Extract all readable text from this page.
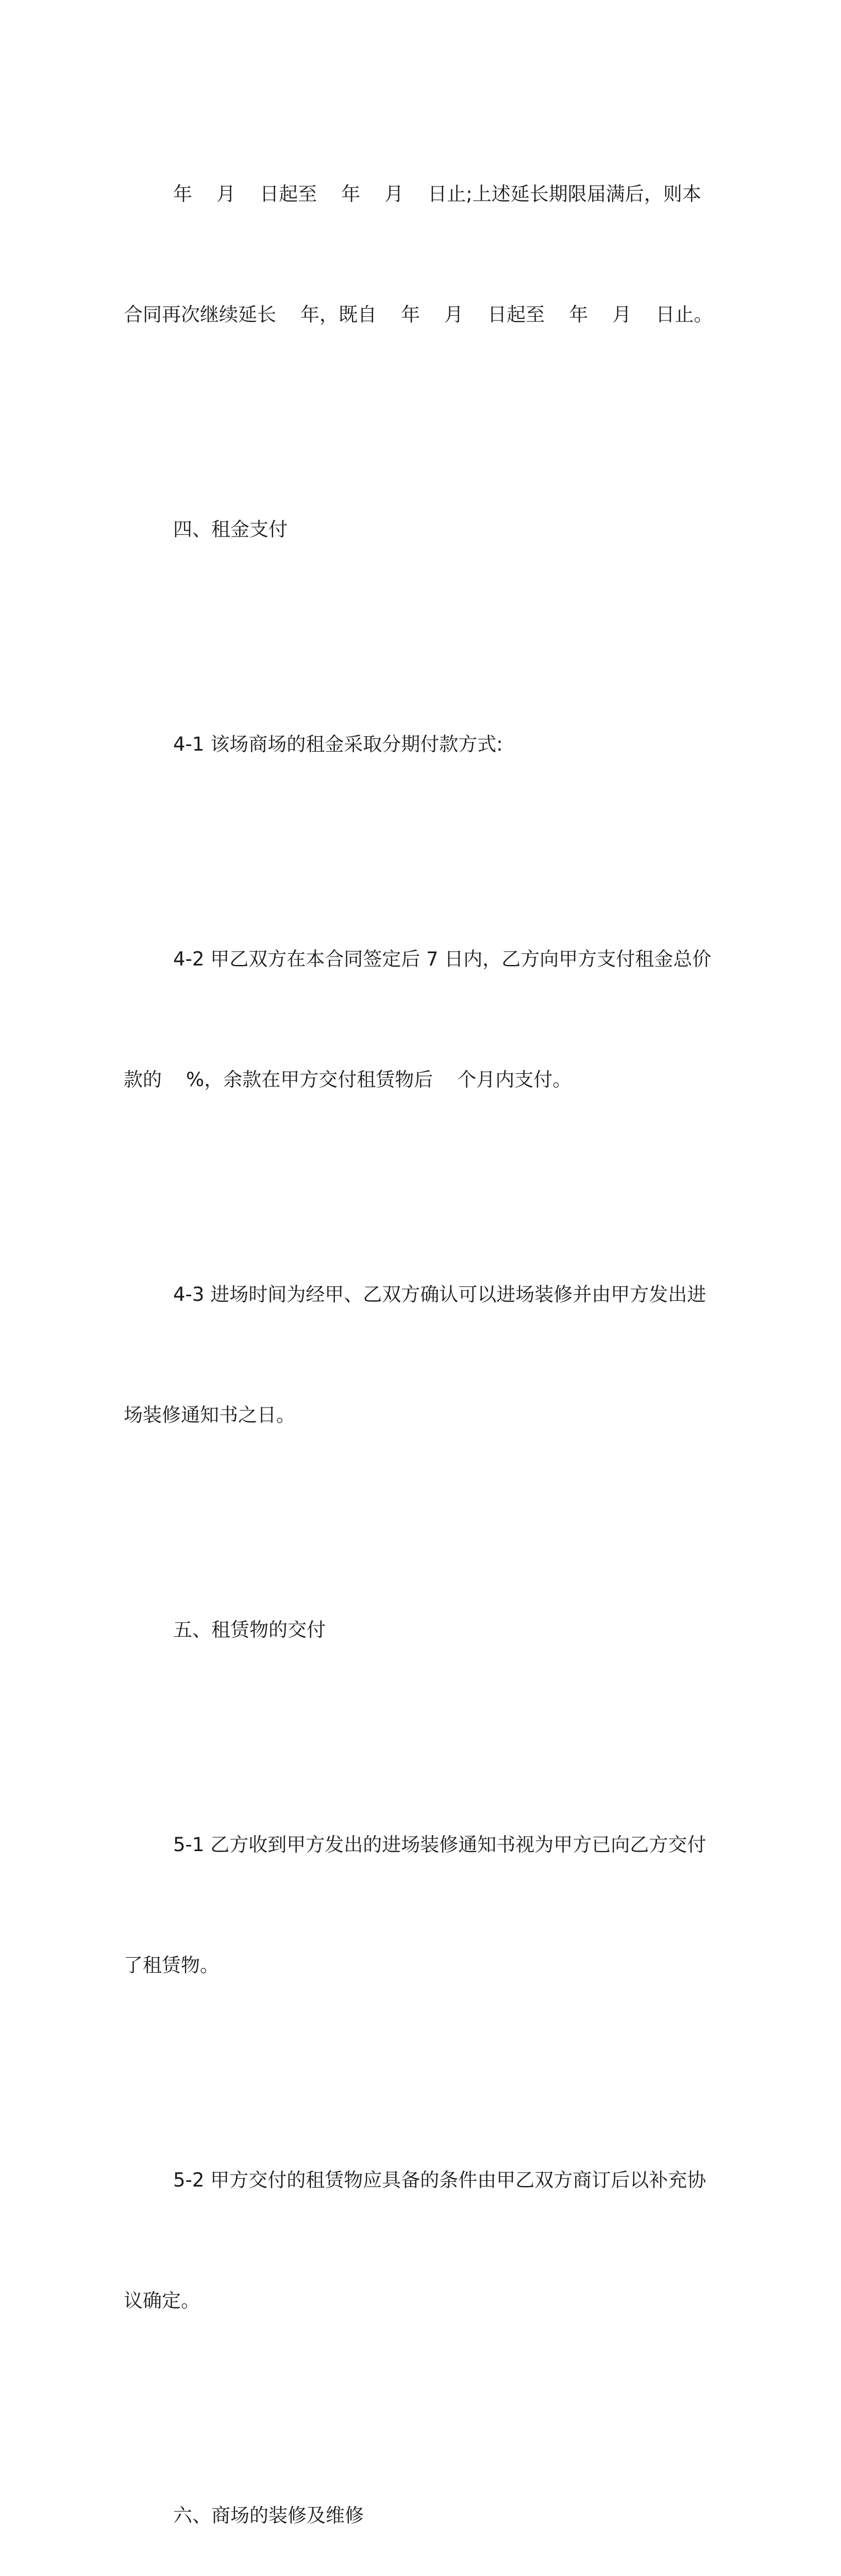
年    月    日起至    年    月    日止;上述延长期限届满后，则本

合同再次继续延长    年，既自    年    月    日起至    年    月    日止。

四、租金支付

4-1 该场商场的租金采取分期付款方式:

4-2 甲乙双方在本合同签定后 7 日内，乙方向甲方支付租金总价

款的    %，余款在甲方交付租赁物后    个月内支付。

4-3 进场时间为经甲、乙双方确认可以进场装修并由甲方发出进

场装修通知书之日。

五、租赁物的交付

5-1 乙方收到甲方发出的进场装修通知书视为甲方已向乙方交付

了租赁物。

5-2 甲方交付的租赁物应具备的条件由甲乙双方商订后以补充协

议确定。

六、商场的装修及维修
